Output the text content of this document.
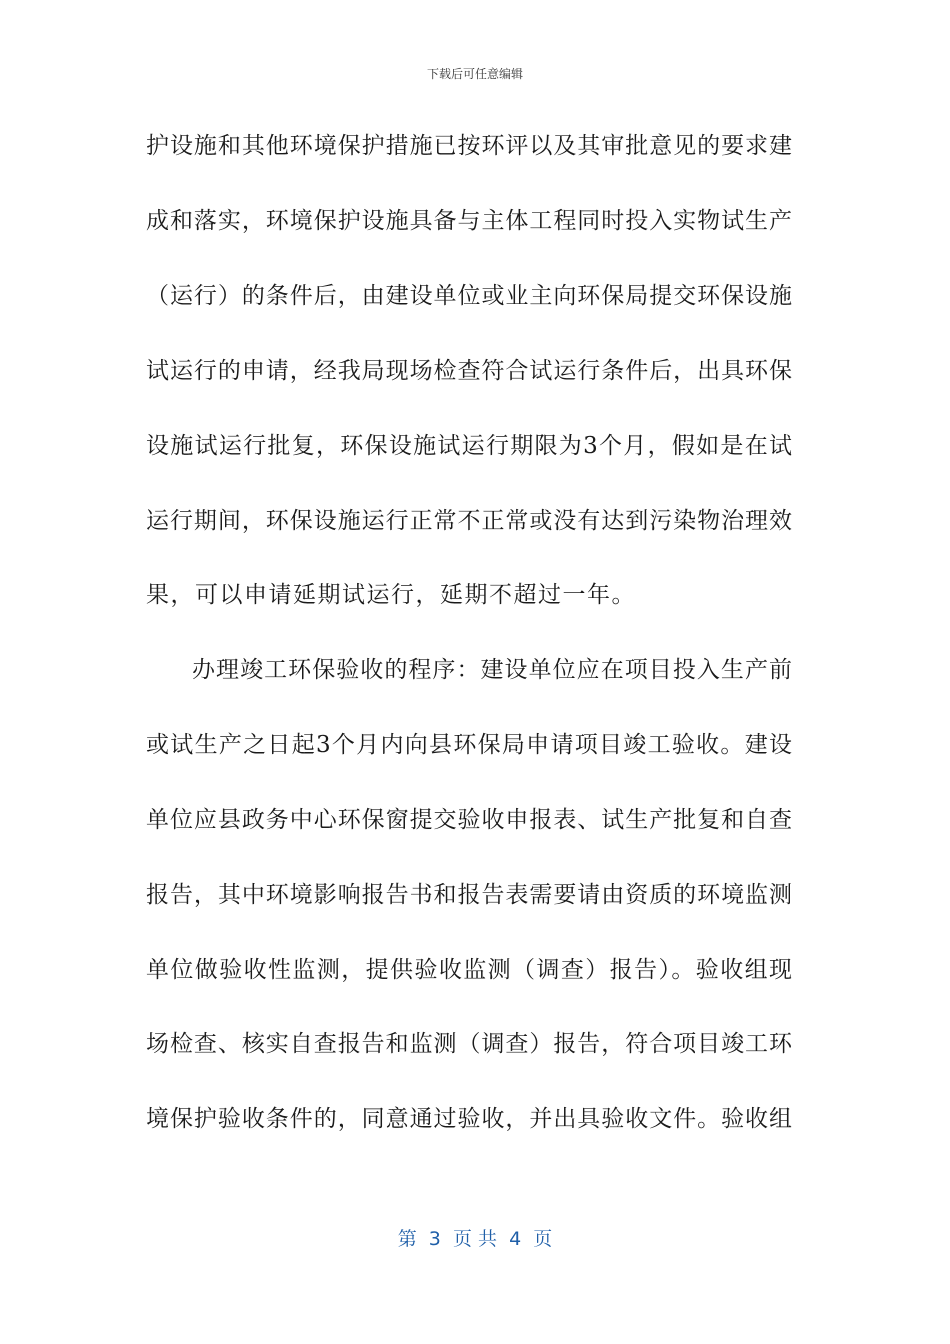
下载后可任意编辑
护设施和其他环境保护措施已按环评以及其审批意见的要求建
成和落实，环境保护设施具备与主体工程同时投入实物试生产
（运行）的条件后，由建设单位或业主向环保局提交环保设施
试运行的申请，经我局现场检查符合试运行条件后，出具环保
设施试运行批复，环保设施试运行期限为3个月，假如是在试
运行期间，环保设施运行正常不正常或没有达到污染物治理效
果，可以申请延期试运行，延期不超过一年。
办理竣工环保验收的程序：建设单位应在项目投入生产前
或试生产之日起3个月内向县环保局申请项目竣工验收。建设
单位应县政务中心环保窗提交验收申报表、试生产批复和自查
报告，其中环境影响报告书和报告表需要请由资质的环境监测
单位做验收性监测，提供验收监测（调查）报告）。验收组现
场检查、核实自查报告和监测（调查）报告，符合项目竣工环
境保护验收条件的，同意通过验收，并出具验收文件。验收组
第  3  页 共  4  页
